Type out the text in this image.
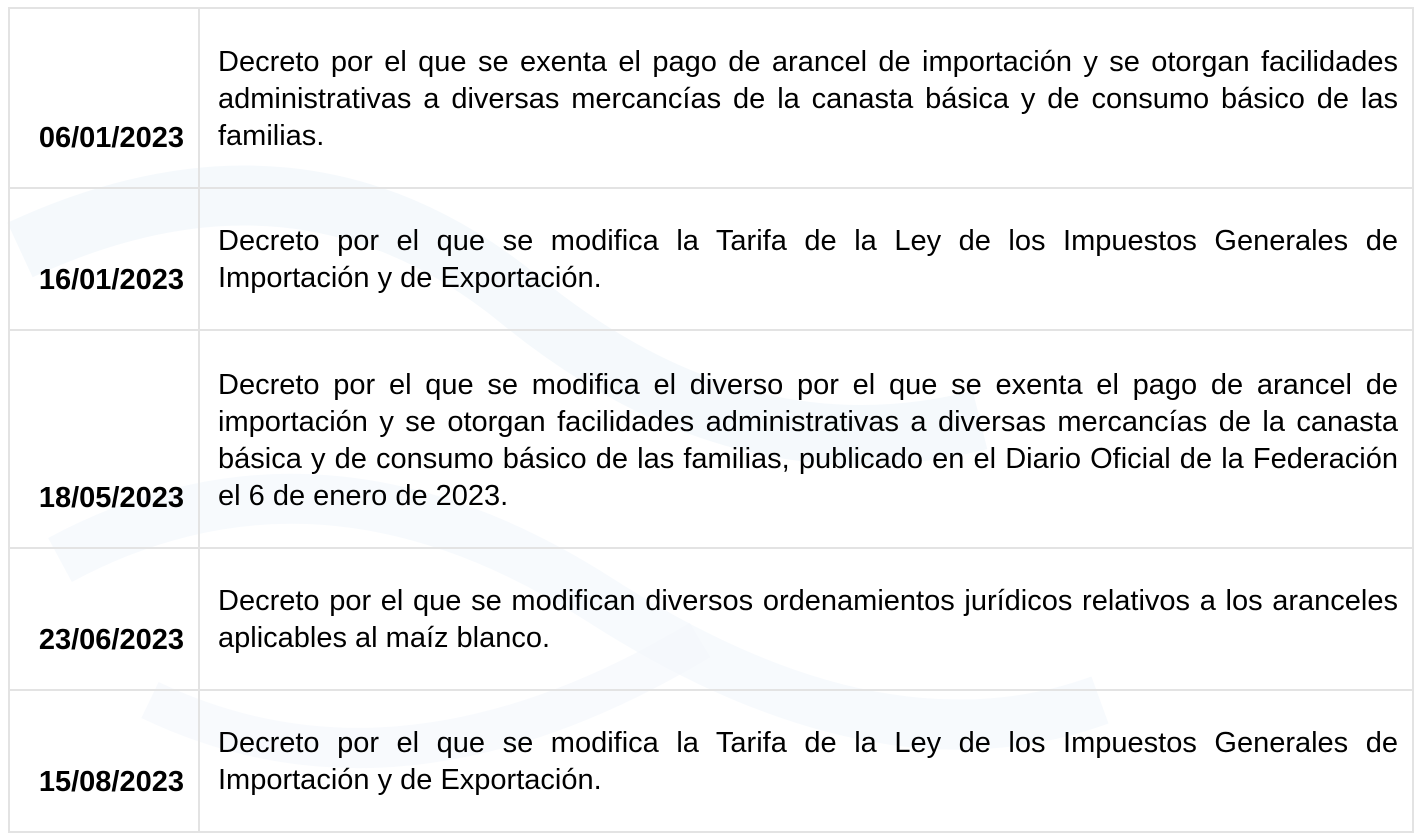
06/01/2023	Decreto por el que se exenta el pago de arancel de importación y se otorgan facilidades administrativas a diversas mercancías de la canasta básica y de consumo básico de las familias.

16/01/2023	Decreto por el que se modifica la Tarifa de la Ley de los Impuestos Generales de Importación y de Exportación.

18/05/2023	Decreto por el que se modifica el diverso por el que se exenta el pago de arancel de importación y se otorgan facilidades administrativas a diversas mercancías de la canasta básica y de consumo básico de las familias, publicado en el Diario Oficial de la Federación el 6 de enero de 2023.

23/06/2023	Decreto por el que se modifican diversos ordenamientos jurídicos relativos a los aranceles aplicables al maíz blanco.

15/08/2023	Decreto por el que se modifica la Tarifa de la Ley de los Impuestos Generales de Importación y de Exportación.
